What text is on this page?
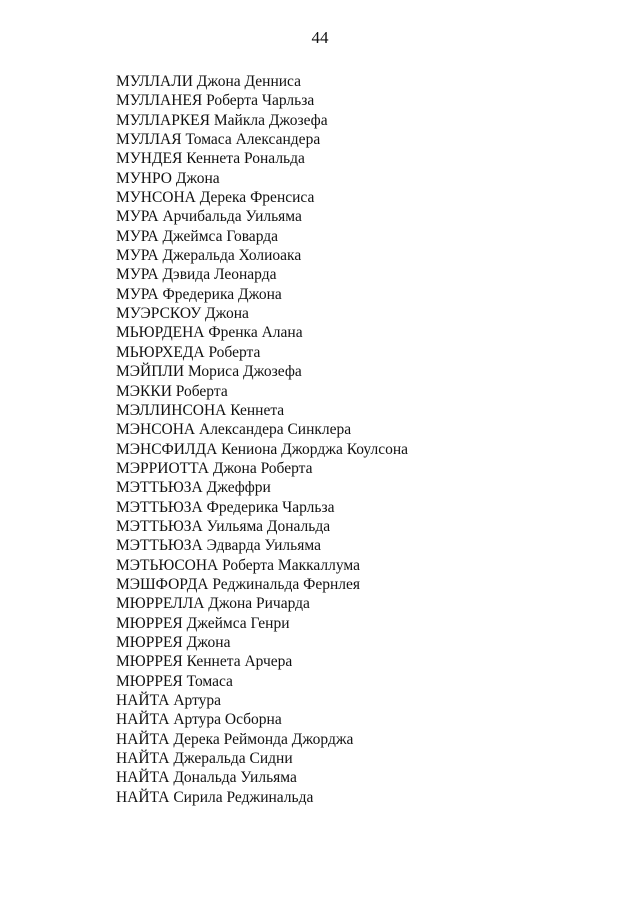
44
МУЛЛАЛИ Джона Денниса
МУЛЛАНЕЯ Роберта Чарльза
МУЛЛАРКЕЯ Майкла Джозефа
МУЛЛАЯ Томаса Александера
МУНДЕЯ Кеннета Рональда
МУНРО Джона
МУНСОНА Дерека Френсиса
МУРА Арчибальда Уильяма
МУРА Джеймса Говарда
МУРА Джеральда Холиоака
МУРА Дэвида Леонарда
МУРА Фредерика Джона
МУЭРСКОУ Джона
МЬЮРДЕНА Френка Алана
МЬЮРХЕДА Роберта
МЭЙПЛИ Мориса Джозефа
МЭККИ Роберта
МЭЛЛИНСОНА Кеннета
МЭНСОНА Александера Синклера
МЭНСФИЛДА Кениона Джорджа Коулсона
МЭРРИОТТА Джона Роберта
МЭТТЬЮЗА Джеффри
МЭТТЬЮЗА Фредерика Чарльза
МЭТТЬЮЗА Уильяма Дональда
МЭТТЬЮЗА Эдварда Уильяма
МЭТЬЮСОНА Роберта Маккаллума
МЭШФОРДА Реджинальда Фернлея
МЮРРЕЛЛА Джона Ричарда
МЮРРЕЯ Джеймса Генри
МЮРРЕЯ Джона
МЮРРЕЯ Кеннета Арчера
МЮРРЕЯ Томаса
НАЙТА Артура
НАЙТА Артура Осборна
НАЙТА Дерека Реймонда Джорджа
НАЙТА Джеральда Сидни
НАЙТА Дональда Уильяма
НАЙТА Сирила Реджинальда
